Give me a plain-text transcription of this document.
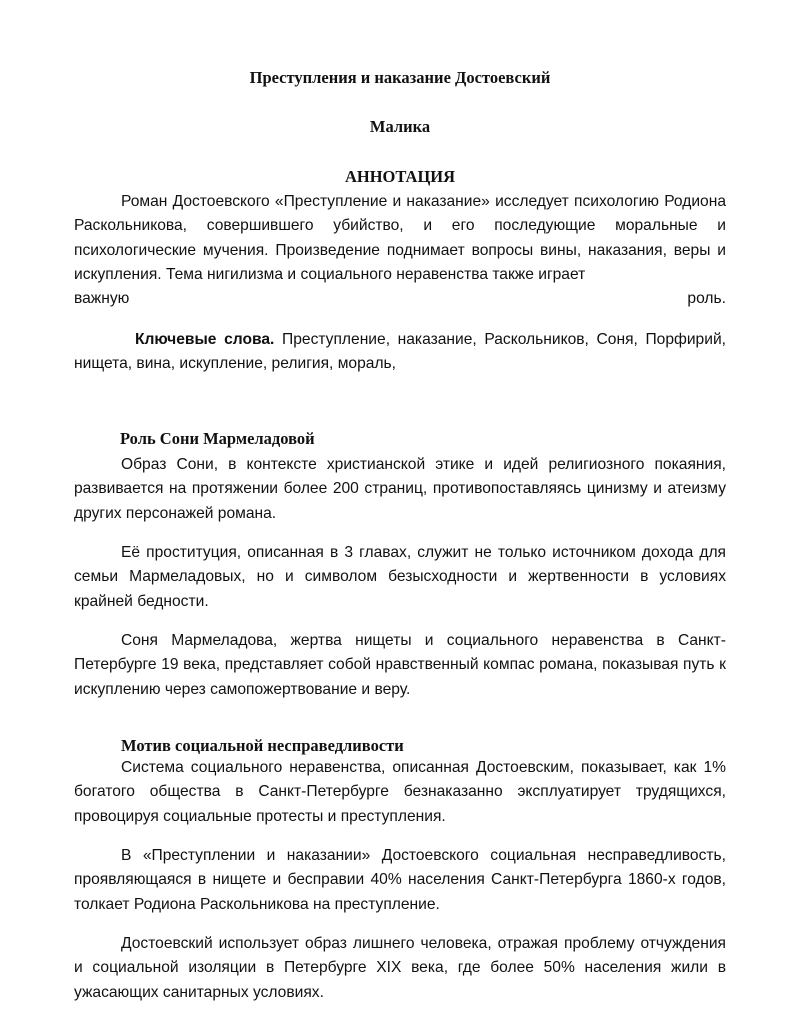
Преступления и наказание Достоевский

Малика

АННОТАЦИЯ

Роман Достоевского «Преступление и наказание» исследует психологию Родиона Раскольникова, совершившего убийство, и его последующие моральные и психологические мучения. Произведение поднимает вопросы вины, наказания, веры и искупления. Тема нигилизма и социального неравенства также играет
важную роль.

Ключевые слова. Преступление, наказание, Раскольников, Соня, Порфирий, нищета, вина, искупление, религия, мораль,

Роль Сони Мармеладовой

Образ Сони, в контексте христианской этике и идей религиозного покаяния, развивается на протяжении более 200 страниц, противопоставляясь цинизму и атеизму других персонажей романа.

Её проституция, описанная в 3 главах, служит не только источником дохода для семьи Мармеладовых, но и символом безысходности и жертвенности в условиях крайней бедности.

Соня Мармеладова, жертва нищеты и социального неравенства в Санкт-Петербурге 19 века, представляет собой нравственный компас романа, показывая путь к искуплению через самопожертвование и веру.

Мотив социальной несправедливости

Система социального неравенства, описанная Достоевским, показывает, как 1% богатого общества в Санкт-Петербурге безнаказанно эксплуатирует трудящихся, провоцируя социальные протесты и преступления.

В «Преступлении и наказании» Достоевского социальная несправедливость, проявляющаяся в нищете и бесправии 40% населения Санкт-Петербурга 1860-х годов, толкает Родиона Раскольникова на преступление.

Достоевский использует образ лишнего человека, отражая проблему отчуждения и социальной изоляции в Петербурге XIX века, где более 50% населения жили в ужасающих санитарных условиях.
